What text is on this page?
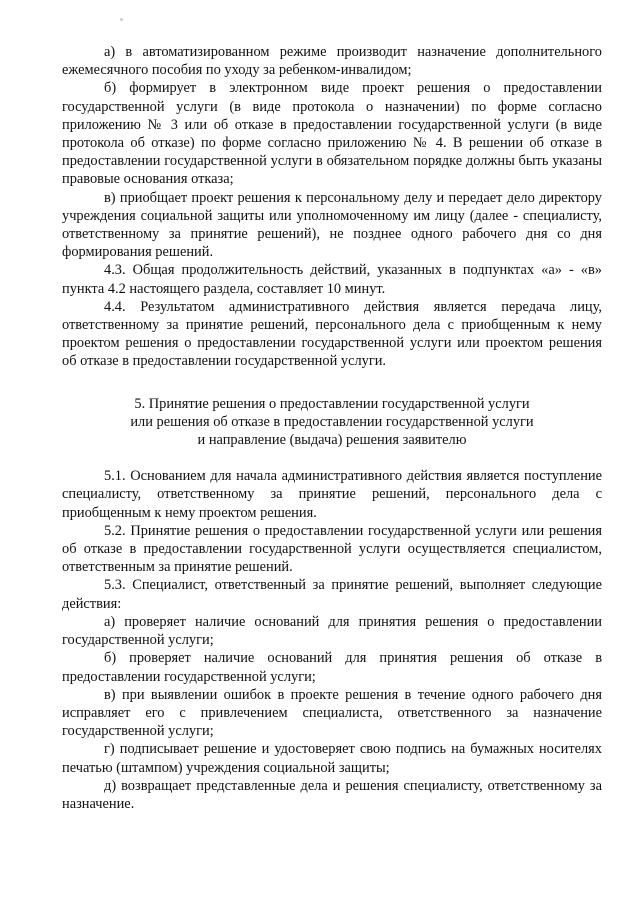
а) в автоматизированном режиме производит назначение дополнительного ежемесячного пособия по уходу за ребенком-инвалидом;

б) формирует в электронном виде проект решения о предоставлении государственной услуги (в виде протокола о назначении) по форме согласно приложению № 3 или об отказе в предоставлении государственной услуги (в виде протокола об отказе) по форме согласно приложению № 4. В решении об отказе в предоставлении государственной услуги в обязательном порядке должны быть указаны правовые основания отказа;

в) приобщает проект решения к персональному делу и передает дело директору учреждения социальной защиты или уполномоченному им лицу (далее - специалисту, ответственному за принятие решений), не позднее одного рабочего дня со дня формирования решений.

4.3. Общая продолжительность действий, указанных в подпунктах «а» - «в» пункта 4.2 настоящего раздела, составляет 10 минут.

4.4. Результатом административного действия является передача лицу, ответственному за принятие решений, персонального дела с приобщенным к нему проектом решения о предоставлении государственной услуги или проектом решения об отказе в предоставлении государственной услуги.

5. Принятие решения о предоставлении государственной услуги

или решения об отказе в предоставлении государственной услуги

и направление (выдача) решения заявителю

5.1. Основанием для начала административного действия является поступление специалисту, ответственному за принятие решений, персонального дела с приобщенным к нему проектом решения.

5.2. Принятие решения о предоставлении государственной услуги или решения об отказе в предоставлении государственной услуги осуществляется специалистом, ответственным за принятие решений.

5.3. Специалист, ответственный за принятие решений, выполняет следующие действия:

а) проверяет наличие оснований для принятия решения о предоставлении государственной услуги;

б) проверяет наличие оснований для принятия решения об отказе в предоставлении государственной услуги;

в) при выявлении ошибок в проекте решения в течение одного рабочего дня исправляет его с привлечением специалиста, ответственного за назначение государственной услуги;

г) подписывает решение и удостоверяет свою подпись на бумажных носителях печатью (штампом) учреждения социальной защиты;

д) возвращает представленные дела и решения специалисту, ответственному за назначение.
